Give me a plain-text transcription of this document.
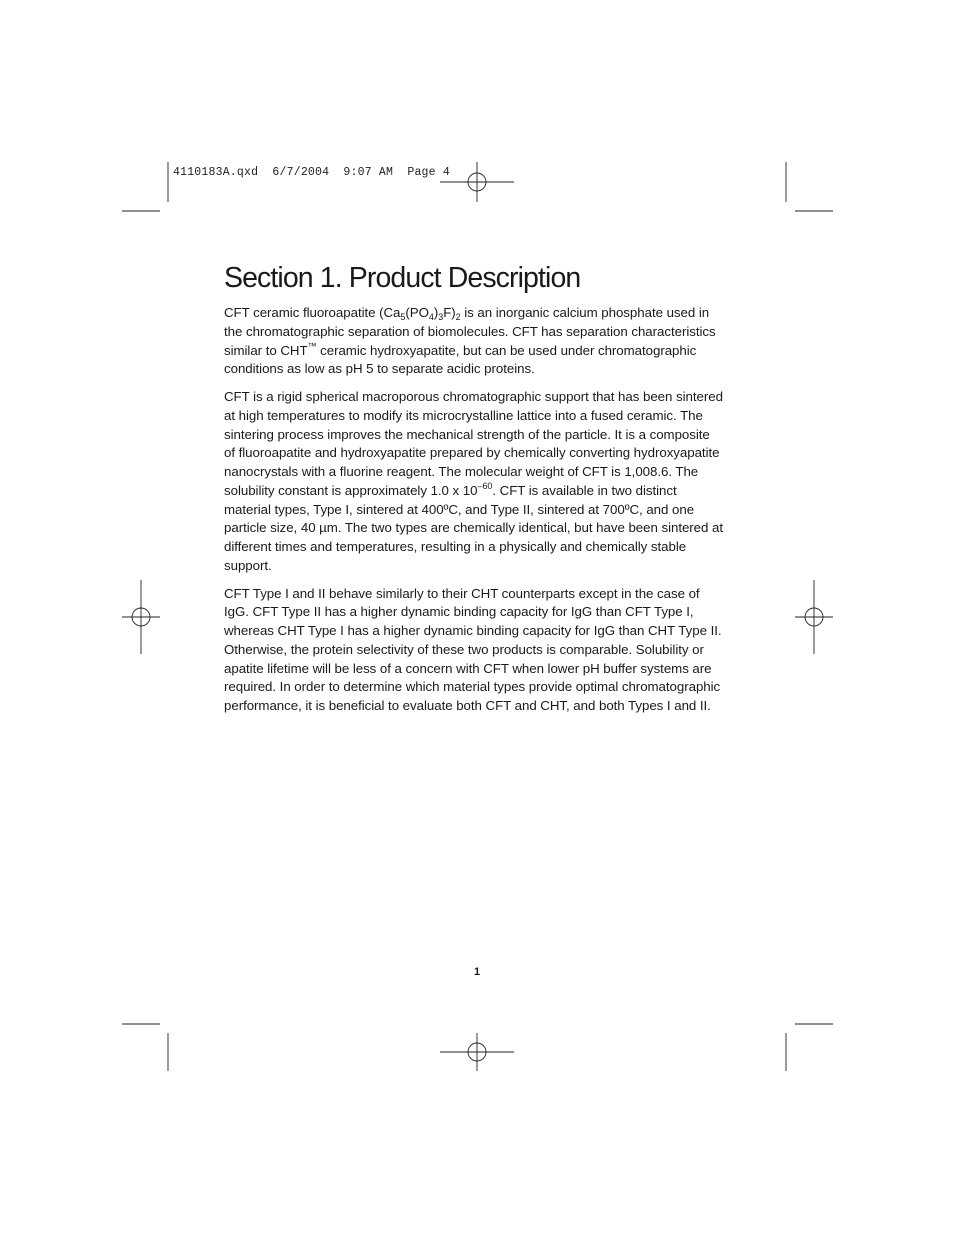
4110183A.qxd  6/7/2004  9:07 AM  Page 4
Section 1. Product Description

CFT ceramic fluoroapatite $(Ca_5(PO_4)_3F)_2$ is an inorganic calcium phosphate used in the chromatographic separation of biomolecules. CFT has separation characteristics similar to CHT™ ceramic hydroxyapatite, but can be used under chromatographic conditions as low as pH 5 to separate acidic proteins.

CFT is a rigid spherical macroporous chromatographic support that has been sintered at high temperatures to modify its microcrystalline lattice into a fused ceramic. The sintering process improves the mechanical strength of the particle. It is a composite of fluoroapatite and hydroxyapatite prepared by chemically converting hydroxyapatite nanocrystals with a fluorine reagent. The molecular weight of CFT is 1,008.6. The solubility constant is approximately 1.0 x $10^{-60}$. CFT is available in two distinct material types, Type I, sintered at 400ºC, and Type II, sintered at 700ºC, and one particle size, 40 µm. The two types are chemically identical, but have been sintered at different times and temperatures, resulting in a physically and chemically stable support.

CFT Type I and II behave similarly to their CHT counterparts except in the case of IgG. CFT Type II has a higher dynamic binding capacity for IgG than CFT Type I, whereas CHT Type I has a higher dynamic binding capacity for IgG than CHT Type II. Otherwise, the protein selectivity of these two products is comparable. Solubility or apatite lifetime will be less of a concern with CFT when lower pH buffer systems are required. In order to determine which material types provide optimal chromatographic performance, it is beneficial to evaluate both CFT and CHT, and both Types I and II.

1
